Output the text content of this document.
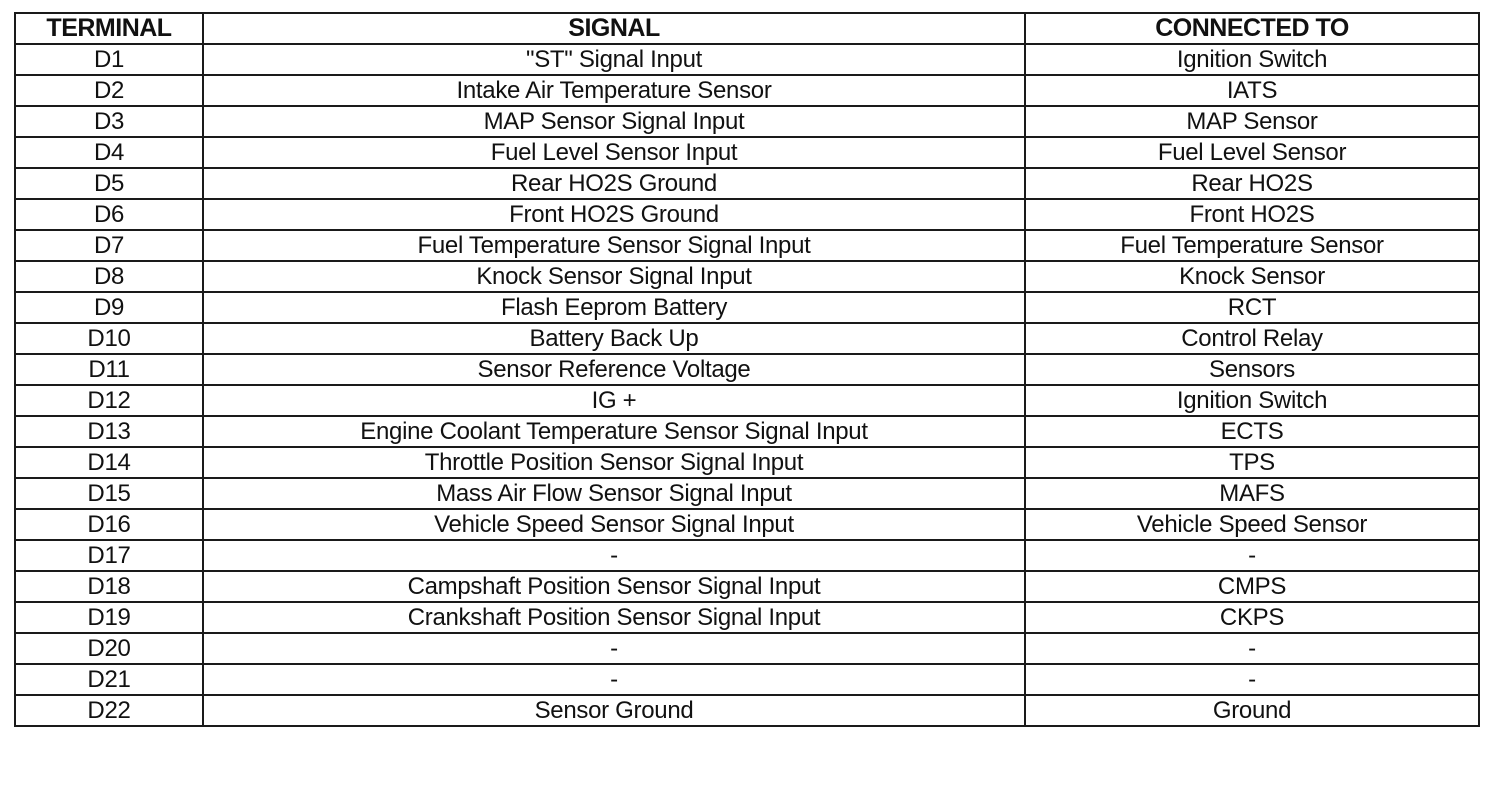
TERMINAL	SIGNAL	CONNECTED TO
D1	"ST" Signal Input	Ignition Switch
D2	Intake Air Temperature Sensor	IATS
D3	MAP Sensor Signal Input	MAP Sensor
D4	Fuel Level Sensor Input	Fuel Level Sensor
D5	Rear HO2S Ground	Rear HO2S
D6	Front HO2S Ground	Front HO2S
D7	Fuel Temperature Sensor Signal Input	Fuel Temperature Sensor
D8	Knock Sensor Signal Input	Knock Sensor
D9	Flash Eeprom Battery	RCT
D10	Battery Back Up	Control Relay
D11	Sensor Reference Voltage	Sensors
D12	IG +	Ignition Switch
D13	Engine Coolant Temperature Sensor Signal Input	ECTS
D14	Throttle Position Sensor Signal Input	TPS
D15	Mass Air Flow Sensor Signal Input	MAFS
D16	Vehicle Speed Sensor Signal Input	Vehicle Speed Sensor
D17	-	-
D18	Campshaft Position Sensor Signal Input	CMPS
D19	Crankshaft Position Sensor Signal Input	CKPS
D20	-	-
D21	-	-
D22	Sensor Ground	Ground
